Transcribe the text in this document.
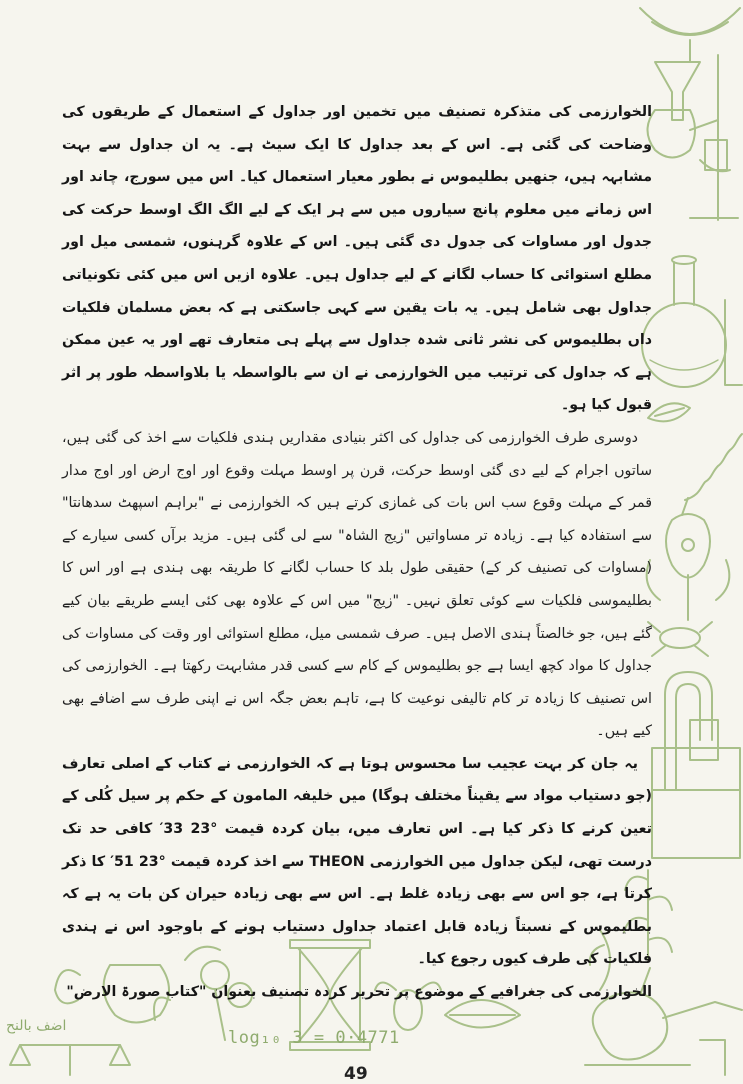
الخوارزمی کی متذکرہ تصنیف میں تخمین اور جداول کے استعمال کے طریقوں کی وضاحت کی گئی ہے۔ اس کے بعد جداول کا ایک سیٹ ہے۔ یہ ان جداول سے بہت مشابہہ ہیں، جنھیں بطلیموس نے بطور معیار استعمال کیا۔ اس میں سورج، چاند اور اس زمانے میں معلوم پانچ سیاروں میں سے ہر ایک کے لیے الگ الگ اوسط حرکت کی جدول اور مساوات کی جدول دی گئی ہیں۔ اس کے علاوہ گرہنوں، شمسی میل اور مطلع استوائی کا حساب لگانے کے لیے جداول ہیں۔ علاوہ ازیں اس میں کئی تکونیاتی جداول بھی شامل ہیں۔ یہ بات یقین سے کہی جاسکتی ہے کہ بعض مسلمان فلکیات داں بطلیموس کی نشر ثانی شدہ جداول سے پہلے ہی متعارف تھے اور یہ عین ممکن ہے کہ جداول کی ترتیب میں الخوارزمی نے ان سے بالواسطہ یا بلاواسطہ طور پر اثر قبول کیا ہو۔

دوسری طرف الخوارزمی کی جداول کی اکثر بنیادی مقداریں ہندی فلکیات سے اخذ کی گئی ہیں، ساتوں اجرام کے لیے دی گئی اوسط حرکت، قرن پر اوسط مہلت وقوع اور اوج ارض اور اوج مدار قمر کے مہلت وقوع سب اس بات کی غمازی کرتے ہیں کہ الخوارزمی نے "براہم اسپھٹ سدھانتا" سے استفادہ کیا ہے۔ زیادہ تر مساواتیں "زیج الشاہ" سے لی گئی ہیں۔ مزید برآں کسی سیارے کے (مساوات کی تصنیف کر کے) حقیقی طول بلد کا حساب لگانے کا طریقہ بھی ہندی ہے اور اس کا بطلیموسی فلکیات سے کوئی تعلق نہیں۔ "زیج" میں اس کے علاوہ بھی کئی ایسے طریقے بیان کیے گئے ہیں، جو خالصتاً ہندی الاصل ہیں۔ صرف شمسی میل، مطلع استوائی اور وقت کی مساوات کی جداول کا مواد کچھ ایسا ہے جو بطلیموس کے کام سے کسی قدر مشابہت رکھتا ہے۔ الخوارزمی کی اس تصنیف کا زیادہ تر کام تالیفی نوعیت کا ہے، تاہم بعض جگہ اس نے اپنی طرف سے اضافے بھی کیے ہیں۔

یہ جان کر بہت عجیب سا محسوس ہوتا ہے کہ الخوارزمی نے کتاب کے اصلی تعارف (جو دستیاب مواد سے یقیناً مختلف ہوگا) میں خلیفہ المامون کے حکم پر سیل کُلی کے تعین کرنے کا ذکر کیا ہے۔ اس تعارف میں، بیان کردہ قیمت °23 33′ کافی حد تک درست تھی، لیکن جداول میں الخوارزمی THEON سے اخذ کردہ قیمت °23 51′ کا ذکر کرتا ہے، جو اس سے بھی زیادہ غلط ہے۔ اس سے بھی زیادہ حیران کن بات یہ ہے کہ بطلیموس کے نسبتاً زیادہ قابل اعتماد جداول دستیاب ہونے کے باوجود اس نے ہندی فلکیات کی طرف کیوں رجوع کیا۔

الخوارزمی کی جغرافیے کے موضوع پر تحریر کردہ تصنیف بعنوان "کتاب صورۃ الارض"

اضف بالنح
log₁₀ 3 = 0·4771
49
